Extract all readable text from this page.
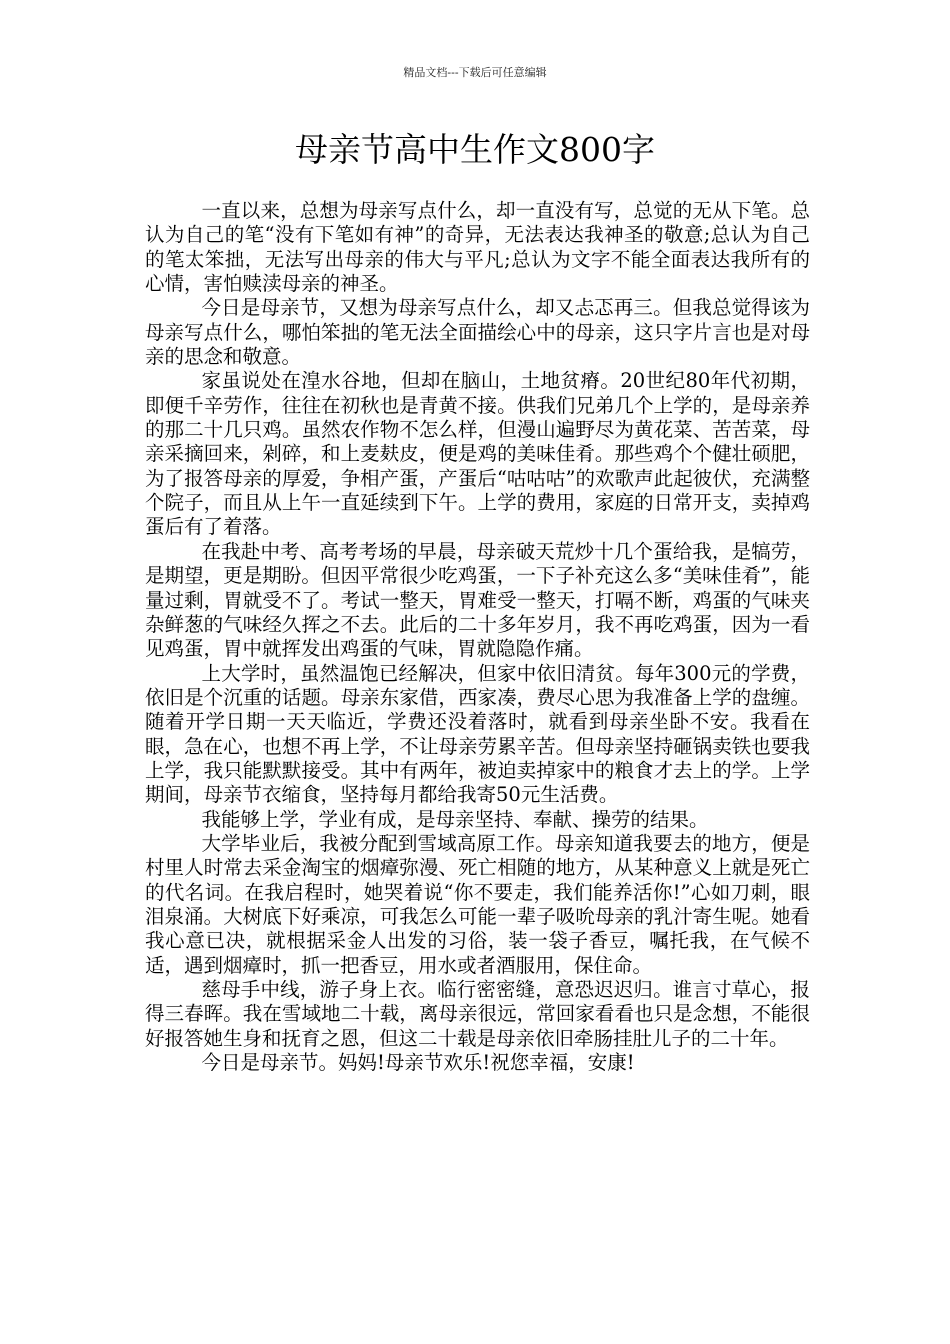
精品文档---下载后可任意编辑
母亲节高中生作文800字

一直以来，总想为母亲写点什么，却一直没有写，总觉的无从下笔。总认为自己的笔“没有下笔如有神”的奇异，无法表达我神圣的敬意;总认为自己的笔太笨拙，无法写出母亲的伟大与平凡;总认为文字不能全面表达我所有的心情，害怕赎渎母亲的神圣。

今日是母亲节，又想为母亲写点什么，却又忐忑再三。但我总觉得该为母亲写点什么，哪怕笨拙的笔无法全面描绘心中的母亲，这只字片言也是对母亲的思念和敬意。

家虽说处在湟水谷地，但却在脑山，土地贫瘠。20世纪80年代初期，即便千辛劳作，往往在初秋也是青黄不接。供我们兄弟几个上学的，是母亲养的那二十几只鸡。虽然农作物不怎么样，但漫山遍野尽为黄花菜、苦苦菜，母亲采摘回来，剁碎，和上麦麸皮，便是鸡的美味佳肴。那些鸡个个健壮硕肥，为了报答母亲的厚爱，争相产蛋，产蛋后“咕咕咕”的欢歌声此起彼伏，充满整个院子，而且从上午一直延续到下午。上学的费用，家庭的日常开支，卖掉鸡蛋后有了着落。

在我赴中考、高考考场的早晨，母亲破天荒炒十几个蛋给我，是犒劳，是期望，更是期盼。但因平常很少吃鸡蛋，一下子补充这么多“美味佳肴”，能量过剩，胃就受不了。考试一整天，胃难受一整天，打嗝不断，鸡蛋的气味夹杂鲜葱的气味经久挥之不去。此后的二十多年岁月，我不再吃鸡蛋，因为一看见鸡蛋，胃中就挥发出鸡蛋的气味，胃就隐隐作痛。

上大学时，虽然温饱已经解决，但家中依旧清贫。每年300元的学费，依旧是个沉重的话题。母亲东家借，西家凑，费尽心思为我准备上学的盘缠。随着开学日期一天天临近，学费还没着落时，就看到母亲坐卧不安。我看在眼，急在心，也想不再上学，不让母亲劳累辛苦。但母亲坚持砸锅卖铁也要我上学，我只能默默接受。其中有两年，被迫卖掉家中的粮食才去上的学。上学期间，母亲节衣缩食，坚持每月都给我寄50元生活费。

我能够上学，学业有成，是母亲坚持、奉献、操劳的结果。

大学毕业后，我被分配到雪域高原工作。母亲知道我要去的地方，便是村里人时常去采金淘宝的烟瘴弥漫、死亡相随的地方，从某种意义上就是死亡的代名词。在我启程时，她哭着说“你不要走，我们能养活你!”心如刀刺，眼泪泉涌。大树底下好乘凉，可我怎么可能一辈子吸吮母亲的乳汁寄生呢。她看我心意已决，就根据采金人出发的习俗，装一袋子香豆，嘱托我，在气候不适，遇到烟瘴时，抓一把香豆，用水或者酒服用，保住命。

慈母手中线，游子身上衣。临行密密缝，意恐迟迟归。谁言寸草心，报得三春晖。我在雪域地二十载，离母亲很远，常回家看看也只是念想，不能很好报答她生身和抚育之恩，但这二十载是母亲依旧牵肠挂肚儿子的二十年。

今日是母亲节。妈妈!母亲节欢乐!祝您幸福，安康!
